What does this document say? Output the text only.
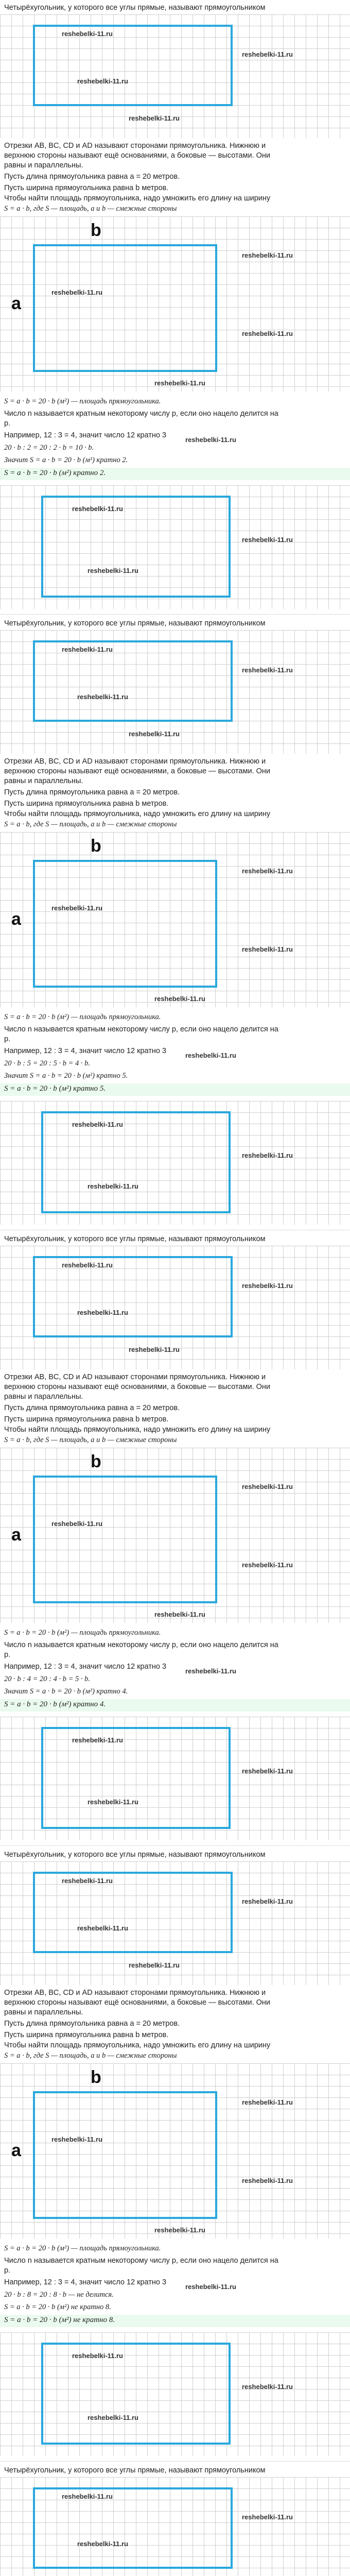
Четырёхугольник, у которого все углы прямые, называют прямоугольником
reshebelki-11.ru
reshebelki-11.ru
reshebelki-11.ru
reshebelki-11.ru
Отрезки AB, BC, CD и AD называют сторонами прямоугольника. Нижнюю и
верхнюю стороны называют ещё основаниями, а боковые — высотами. Они
равны и параллельны.
Пусть длина прямоугольника равна a = 20 метров.
Пусть ширина прямоугольника равна b метров.
Чтобы найти площадь прямоугольника, надо умножить его длину на ширину
S = a · b, где S — площадь, a и b — смежные стороны
b
a
reshebelki-11.ru
reshebelki-11.ru
reshebelki-11.ru
reshebelki-11.ru
S = a · b = 20 · b (м²) — площадь прямоугольника.
Число n называется кратным некоторому числу p, если оно нацело делится на
p.
Например, 12 : 3 = 4, значит число 12 кратно 3
20 · b : 2 = 20 : 2 · b = 10 · b.
Значит S = a · b = 20 · b (м²) кратно 2.
reshebelki-11.ru
S = a · b = 20 · b (м²) кратно 2.
reshebelki-11.ru
reshebelki-11.ru
reshebelki-11.ru
Четырёхугольник, у которого все углы прямые, называют прямоугольником
reshebelki-11.ru
reshebelki-11.ru
reshebelki-11.ru
reshebelki-11.ru
Отрезки AB, BC, CD и AD называют сторонами прямоугольника. Нижнюю и
верхнюю стороны называют ещё основаниями, а боковые — высотами. Они
равны и параллельны.
Пусть длина прямоугольника равна a = 20 метров.
Пусть ширина прямоугольника равна b метров.
Чтобы найти площадь прямоугольника, надо умножить его длину на ширину
S = a · b, где S — площадь, a и b — смежные стороны
b
a
reshebelki-11.ru
reshebelki-11.ru
reshebelki-11.ru
reshebelki-11.ru
S = a · b = 20 · b (м²) — площадь прямоугольника.
Число n называется кратным некоторому числу p, если оно нацело делится на
p.
Например, 12 : 3 = 4, значит число 12 кратно 3
20 · b : 5 = 20 : 5 · b = 4 · b.
Значит S = a · b = 20 · b (м²) кратно 5.
reshebelki-11.ru
S = a · b = 20 · b (м²) кратно 5.
reshebelki-11.ru
reshebelki-11.ru
reshebelki-11.ru
Четырёхугольник, у которого все углы прямые, называют прямоугольником
reshebelki-11.ru
reshebelki-11.ru
reshebelki-11.ru
reshebelki-11.ru
Отрезки AB, BC, CD и AD называют сторонами прямоугольника. Нижнюю и
верхнюю стороны называют ещё основаниями, а боковые — высотами. Они
равны и параллельны.
Пусть длина прямоугольника равна a = 20 метров.
Пусть ширина прямоугольника равна b метров.
Чтобы найти площадь прямоугольника, надо умножить его длину на ширину
S = a · b, где S — площадь, a и b — смежные стороны
b
a
reshebelki-11.ru
reshebelki-11.ru
reshebelki-11.ru
reshebelki-11.ru
S = a · b = 20 · b (м²) — площадь прямоугольника.
Число n называется кратным некоторому числу p, если оно нацело делится на
p.
Например, 12 : 3 = 4, значит число 12 кратно 3
20 · b : 4 = 20 : 4 · b = 5 · b.
Значит S = a · b = 20 · b (м²) кратно 4.
reshebelki-11.ru
S = a · b = 20 · b (м²) кратно 4.
reshebelki-11.ru
reshebelki-11.ru
reshebelki-11.ru
Четырёхугольник, у которого все углы прямые, называют прямоугольником
reshebelki-11.ru
reshebelki-11.ru
reshebelki-11.ru
reshebelki-11.ru
Отрезки AB, BC, CD и AD называют сторонами прямоугольника. Нижнюю и
верхнюю стороны называют ещё основаниями, а боковые — высотами. Они
равны и параллельны.
Пусть длина прямоугольника равна a = 20 метров.
Пусть ширина прямоугольника равна b метров.
Чтобы найти площадь прямоугольника, надо умножить его длину на ширину
S = a · b, где S — площадь, a и b — смежные стороны
b
a
reshebelki-11.ru
reshebelki-11.ru
reshebelki-11.ru
reshebelki-11.ru
S = a · b = 20 · b (м²) — площадь прямоугольника.
Число n называется кратным некоторому числу p, если оно нацело делится на
p.
Например, 12 : 3 = 4, значит число 12 кратно 3
20 · b : 8 = 20 : 8 · b — не делится.
S = a · b = 20 · b (м²) не кратно 8.
reshebelki-11.ru
S = a · b = 20 · b (м²) не кратно 8.
reshebelki-11.ru
reshebelki-11.ru
reshebelki-11.ru
Четырёхугольник, у которого все углы прямые, называют прямоугольником
reshebelki-11.ru
reshebelki-11.ru
reshebelki-11.ru
